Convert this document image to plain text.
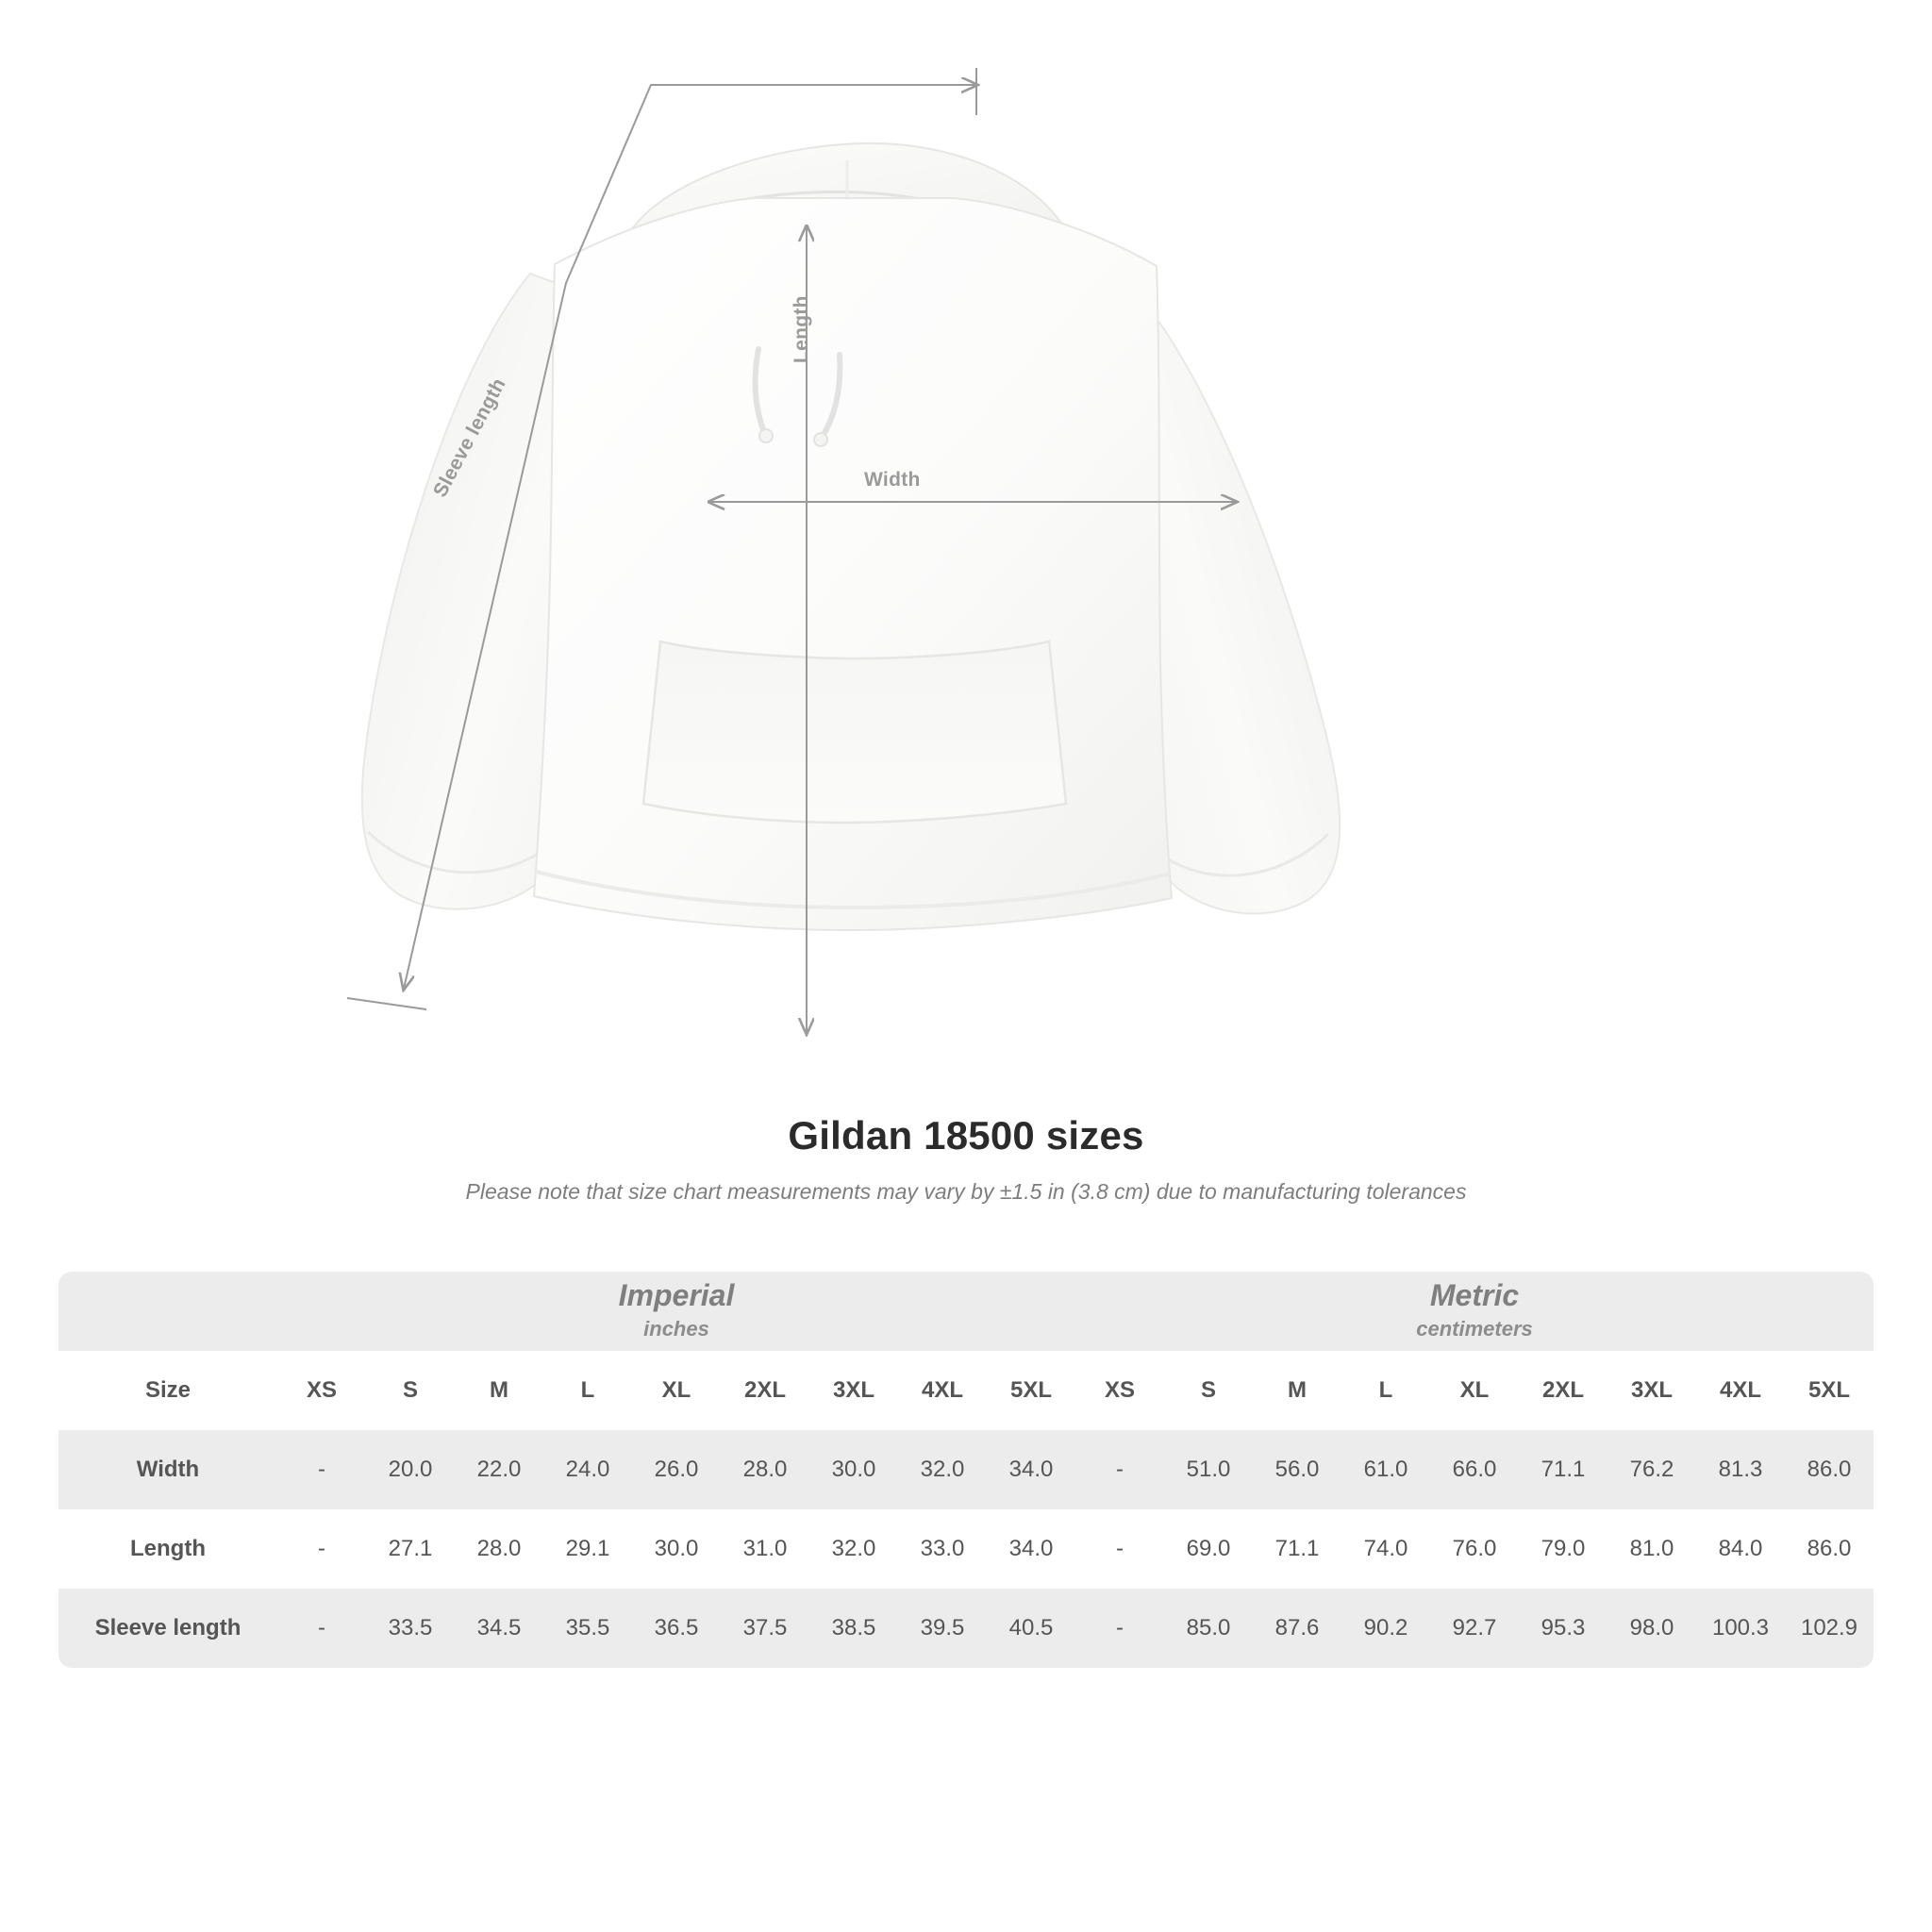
Width
Length
Sleeve length
Gildan 18500 sizes
Please note that size chart measurements may vary by ±1.5 in (3.8 cm) due to manufacturing tolerances

	Imperial
inches									Metric
centimeters								

Size	XS	S	M	L	XL	2XL	3XL	4XL	5XL	XS	S	M	L	XL	2XL	3XL	4XL	5XL
Width	-	20.0	22.0	24.0	26.0	28.0	30.0	32.0	34.0	-	51.0	56.0	61.0	66.0	71.1	76.2	81.3	86.0
Length	-	27.1	28.0	29.1	30.0	31.0	32.0	33.0	34.0	-	69.0	71.1	74.0	76.0	79.0	81.0	84.0	86.0
Sleeve length	-	33.5	34.5	35.5	36.5	37.5	38.5	39.5	40.5	-	85.0	87.6	90.2	92.7	95.3	98.0	100.3	102.9
